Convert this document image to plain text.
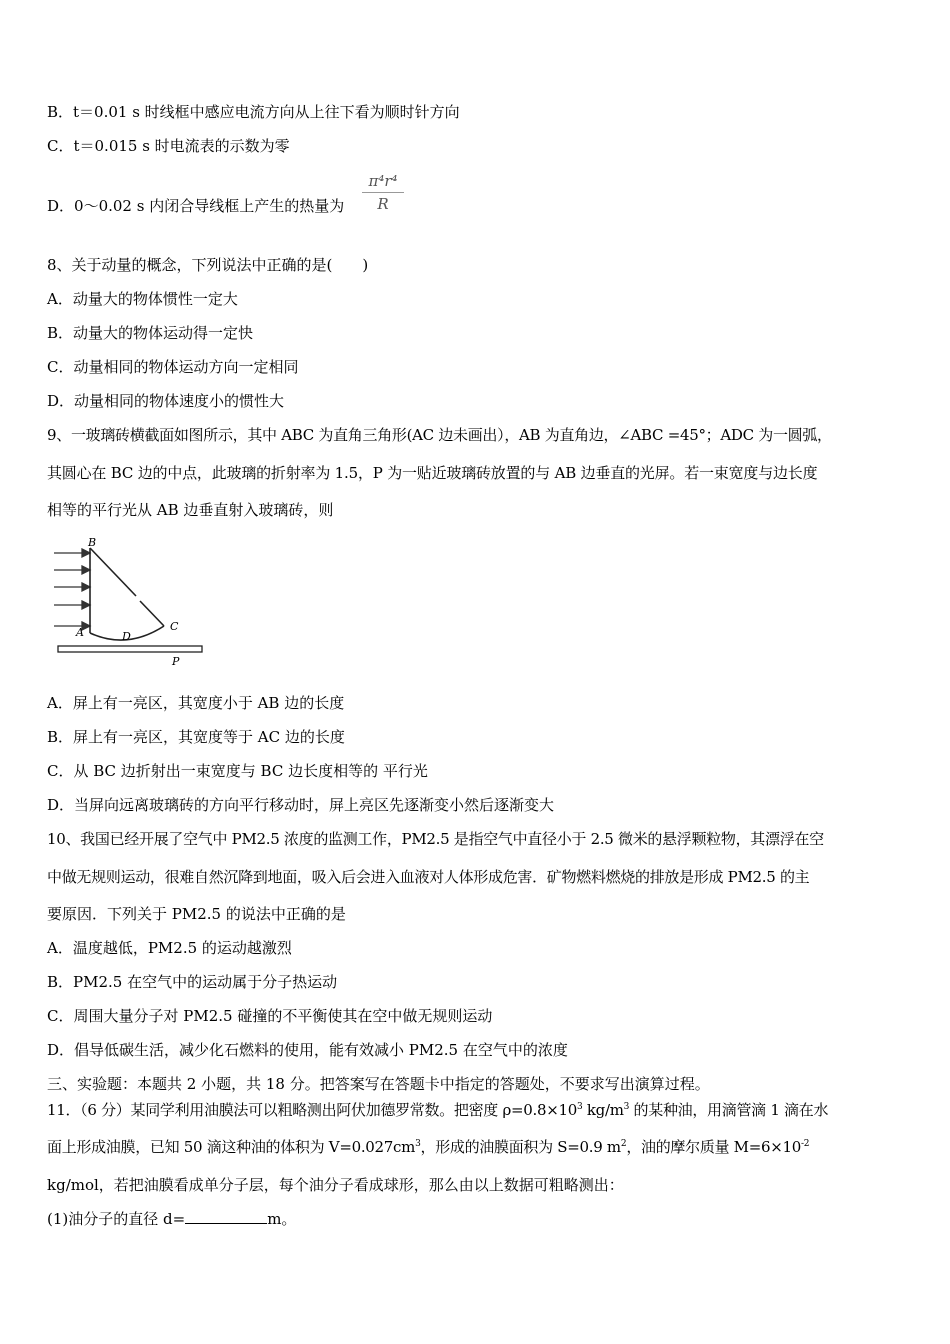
B．t＝0.01 s 时线框中感应电流方向从上往下看为顺时针方向
C．t＝0.015 s 时电流表的示数为零
D．0～0.02 s 内闭合导线框上产生的热量为 $\frac{\text{π⁴r⁴}}{R}$
8、关于动量的概念，下列说法中正确的是(　　)
A．动量大的物体惯性一定大
B．动量大的物体运动得一定快
C．动量相同的物体运动方向一定相同
D．动量相同的物体速度小的惯性大
9、一玻璃砖横截面如图所示，其中 ABC 为直角三角形(AC 边未画出），AB 为直角边，∠ABC =45°；ADC 为一圆弧，
其圆心在 BC 边的中点，此玻璃的折射率为 1.5，P 为一贴近玻璃砖放置的与 AB 边垂直的光屏。若一束宽度与边长度
相等的平行光从 AB 边垂直射入玻璃砖，则
B
A	D
C
P
A．屏上有一亮区，其宽度小于 AB 边的长度
B．屏上有一亮区，其宽度等于 AC 边的长度
C．从 BC 边折射出一束宽度与 BC 边长度相等的 平行光
D．当屏向远离玻璃砖的方向平行移动时，屏上亮区先逐渐变小然后逐渐变大
10、我国已经开展了空气中 PM2.5 浓度的监测工作，PM2.5 是指空气中直径小于 2.5 微米的悬浮颗粒物，其漂浮在空
中做无规则运动，很难自然沉降到地面，吸入后会进入血液对人体形成危害．矿物燃料燃烧的排放是形成 PM2.5 的主
要原因．下列关于 PM2.5 的说法中正确的是
A．温度越低，PM2.5 的运动越激烈
B．PM2.5 在空气中的运动属于分子热运动
C．周围大量分子对 PM2.5 碰撞的不平衡使其在空中做无规则运动
D．倡导低碳生活，减少化石燃料的使用，能有效减小 PM2.5 在空气中的浓度
三、实验题：本题共 2 小题，共 18 分。把答案写在答题卡中指定的答题处，不要求写出演算过程。
11．（6 分）某同学利用油膜法可以粗略测出阿伏加德罗常数。把密度 $\rho=0.8\times 10^3$ $kg/m^3$ 的某种油，用滴管滴 1 滴在水
面上形成油膜，已知 50 滴这种油的体积为 $V=0.027cm^3$，形成的油膜面积为 S=0.9 $m^2$，油的摩尔质量 $M=6\times 10^{-2}$
kg/mol，若把油膜看成单分子层，每个油分子看成球形，那么由以上数据可粗略测出：
(1)油分子的直径 d=	m。
